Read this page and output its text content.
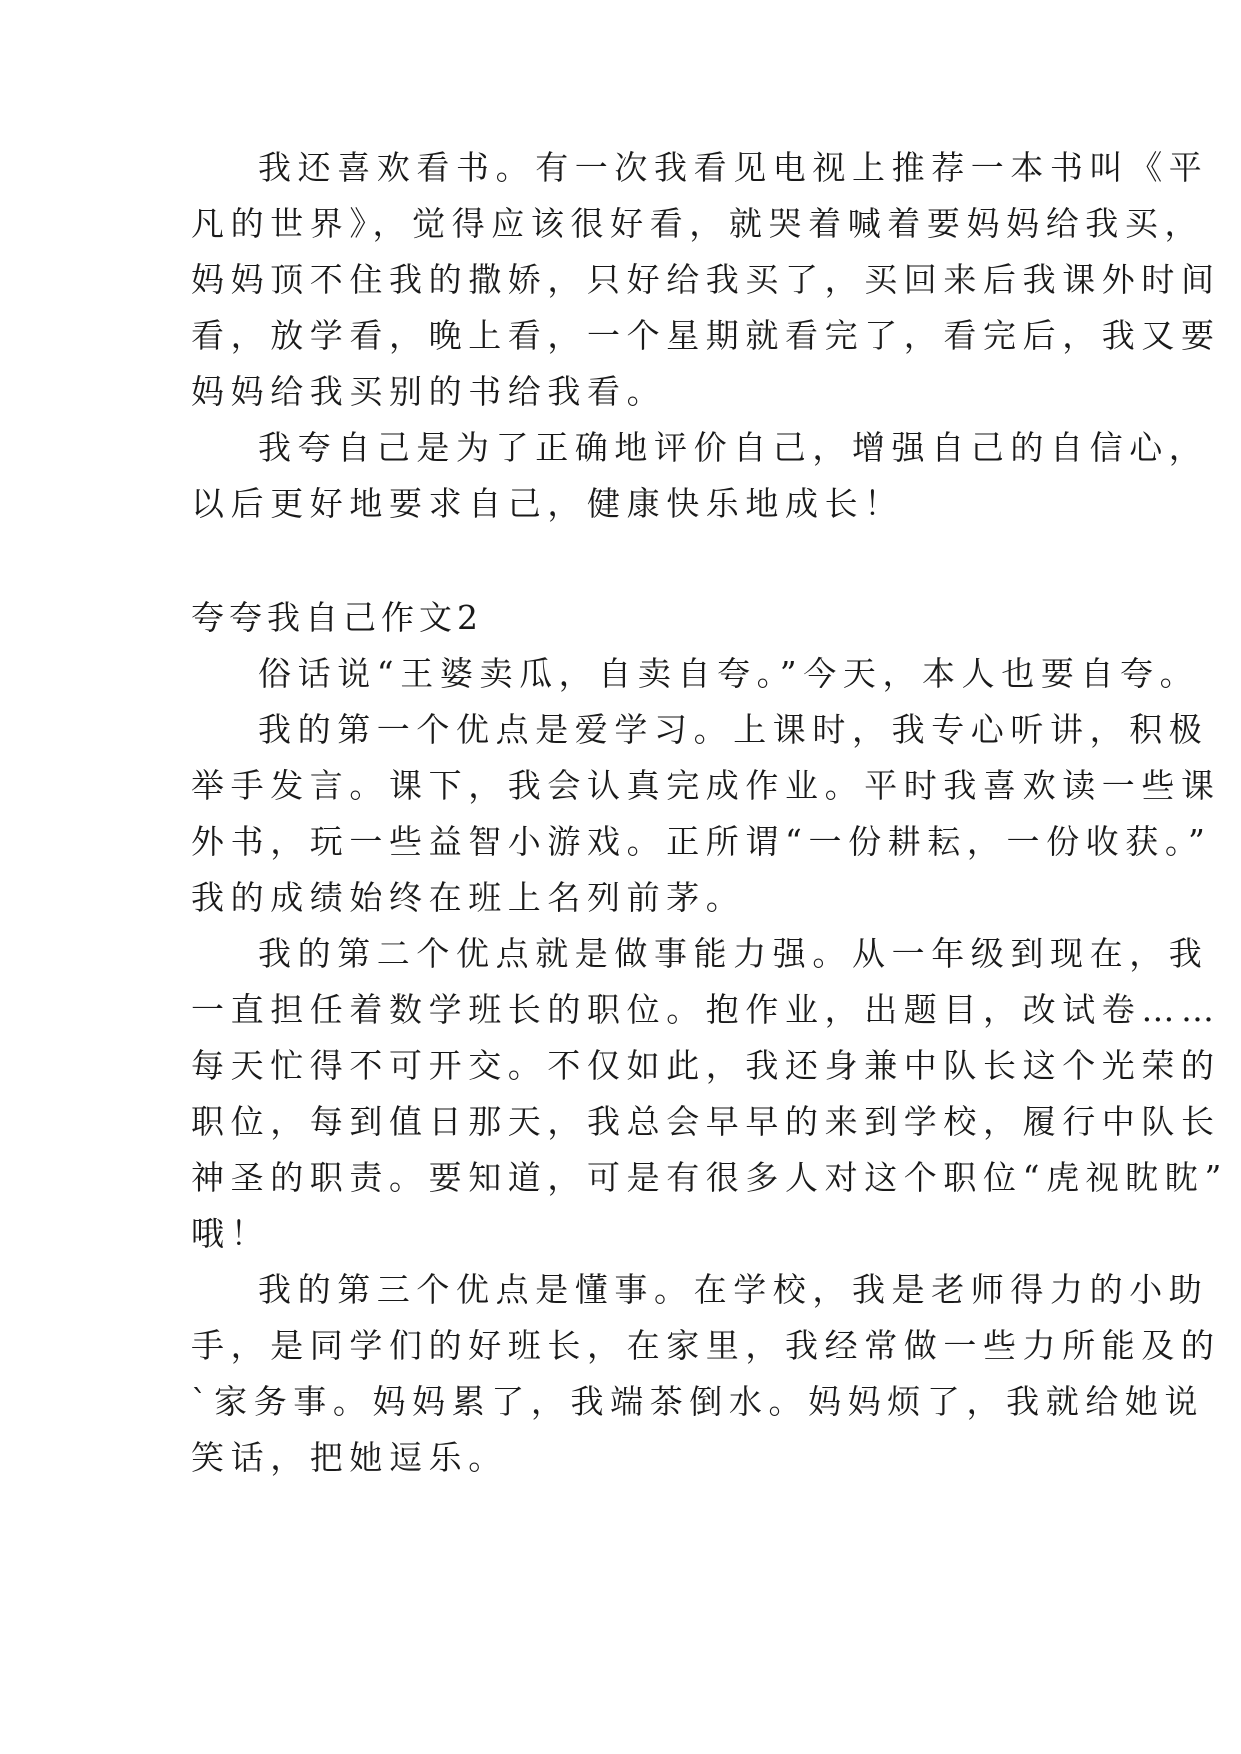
我还喜欢看书。有一次我看见电视上推荐一本书叫《平

凡的世界》，觉得应该很好看，就哭着喊着要妈妈给我买，

妈妈顶不住我的撒娇，只好给我买了，买回来后我课外时间

看，放学看，晚上看，一个星期就看完了，看完后，我又要

妈妈给我买别的书给我看。

我夸自己是为了正确地评价自己，增强自己的自信心，

以后更好地要求自己，健康快乐地成长！

夸夸我自己作文2

俗话说“王婆卖瓜，自卖自夸。”今天，本人也要自夸。

我的第一个优点是爱学习。上课时，我专心听讲，积极

举手发言。课下，我会认真完成作业。平时我喜欢读一些课

外书，玩一些益智小游戏。正所谓“一份耕耘，一份收获。”

我的成绩始终在班上名列前茅。

我的第二个优点就是做事能力强。从一年级到现在，我

一直担任着数学班长的职位。抱作业，出题目，改试卷……

每天忙得不可开交。不仅如此，我还身兼中队长这个光荣的

职位，每到值日那天，我总会早早的来到学校，履行中队长

神圣的职责。要知道，可是有很多人对这个职位“虎视眈眈”

哦！

我的第三个优点是懂事。在学校，我是老师得力的小助

手，是同学们的好班长，在家里，我经常做一些力所能及的

`家务事。妈妈累了，我端茶倒水。妈妈烦了，我就给她说

笑话，把她逗乐。
